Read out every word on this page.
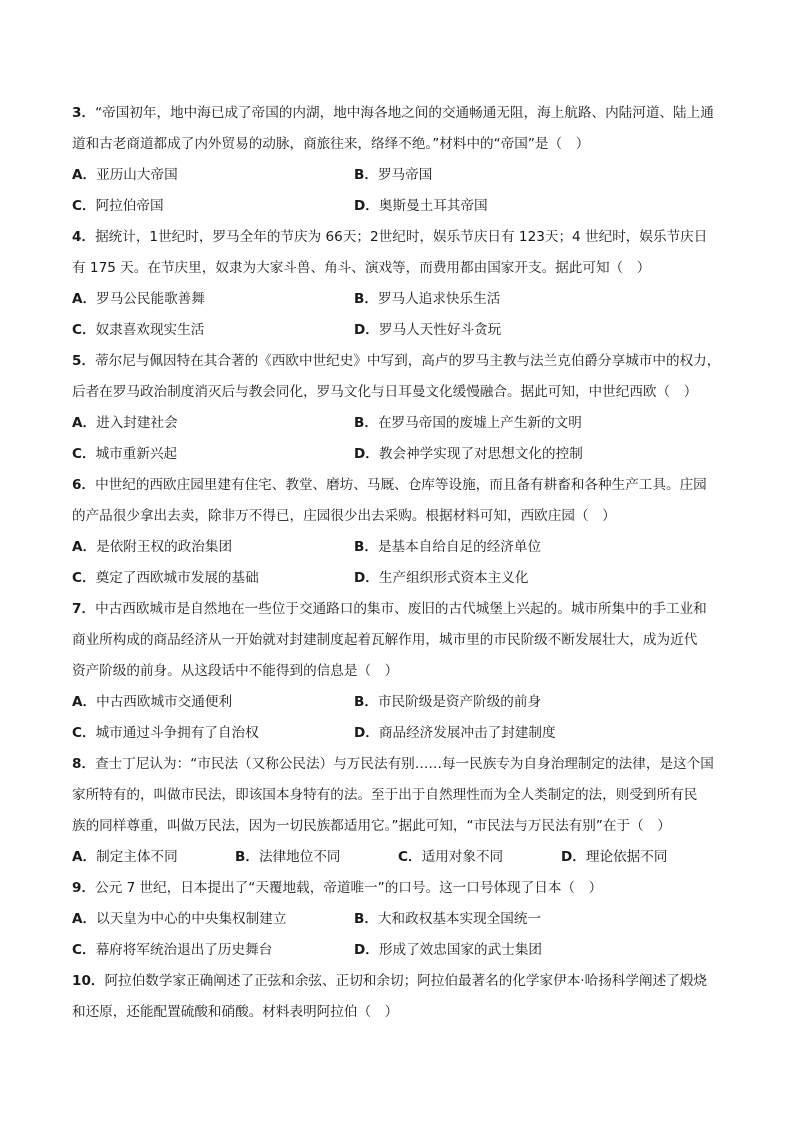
3．“帝国初年，地中海已成了帝国的内湖，地中海各地之间的交通畅通无阻，海上航路、内陆河道、陆上通
道和古老商道都成了内外贸易的动脉，商旅往来，络绎不绝。”材料中的“帝国”是（　）
A．亚历山大帝国	B．罗马帝国
C．阿拉伯帝国	D．奥斯曼土耳其帝国
4．据统计，1世纪时，罗马全年的节庆为 66天；2世纪时，娱乐节庆日有 123天；4 世纪时，娱乐节庆日
有 175 天。在节庆里，奴隶为大家斗兽、角斗、演戏等，而费用都由国家开支。据此可知（　）
A．罗马公民能歌善舞	B．罗马人追求快乐生活
C．奴隶喜欢现实生活	D．罗马人天性好斗贪玩
5．蒂尔尼与佩因特在其合著的《西欧中世纪史》中写到，高卢的罗马主教与法兰克伯爵分享城市中的权力，
后者在罗马政治制度消灭后与教会同化，罗马文化与日耳曼文化缓慢融合。据此可知，中世纪西欧（　）
A．进入封建社会	B．在罗马帝国的废墟上产生新的文明
C．城市重新兴起	D．教会神学实现了对思想文化的控制
6．中世纪的西欧庄园里建有住宅、教堂、磨坊、马厩、仓库等设施，而且备有耕畜和各种生产工具。庄园
的产品很少拿出去卖，除非万不得已，庄园很少出去采购。根据材料可知，西欧庄园（　）
A．是依附王权的政治集团	B．是基本自给自足的经济单位
C．奠定了西欧城市发展的基础	D．生产组织形式资本主义化
7．中古西欧城市是自然地在一些位于交通路口的集市、废旧的古代城堡上兴起的。城市所集中的手工业和
商业所构成的商品经济从一开始就对封建制度起着瓦解作用，城市里的市民阶级不断发展壮大，成为近代
资产阶级的前身。从这段话中不能得到的信息是（　）
A．中古西欧城市交通便利	B．市民阶级是资产阶级的前身
C．城市通过斗争拥有了自治权	D．商品经济发展冲击了封建制度
8．查士丁尼认为：“市民法（又称公民法）与万民法有别……每一民族专为自身治理制定的法律，是这个国
家所特有的，叫做市民法，即该国本身特有的法。至于出于自然理性而为全人类制定的法，则受到所有民
族的同样尊重，叫做万民法，因为一切民族都适用它。”据此可知，“市民法与万民法有别”在于（　）
A．制定主体不同	B．法律地位不同	C．适用对象不同	D．理论依据不同
9．公元 7 世纪，日本提出了“天覆地载，帝道唯一”的口号。这一口号体现了日本（　）
A．以天皇为中心的中央集权制建立	B．大和政权基本实现全国统一
C．幕府将军统治退出了历史舞台	D．形成了效忠国家的武士集团
10．阿拉伯数学家正确阐述了正弦和余弦、正切和余切；阿拉伯最著名的化学家伊本·哈扬科学阐述了煅烧
和还原，还能配置硫酸和硝酸。材料表明阿拉伯（　）
